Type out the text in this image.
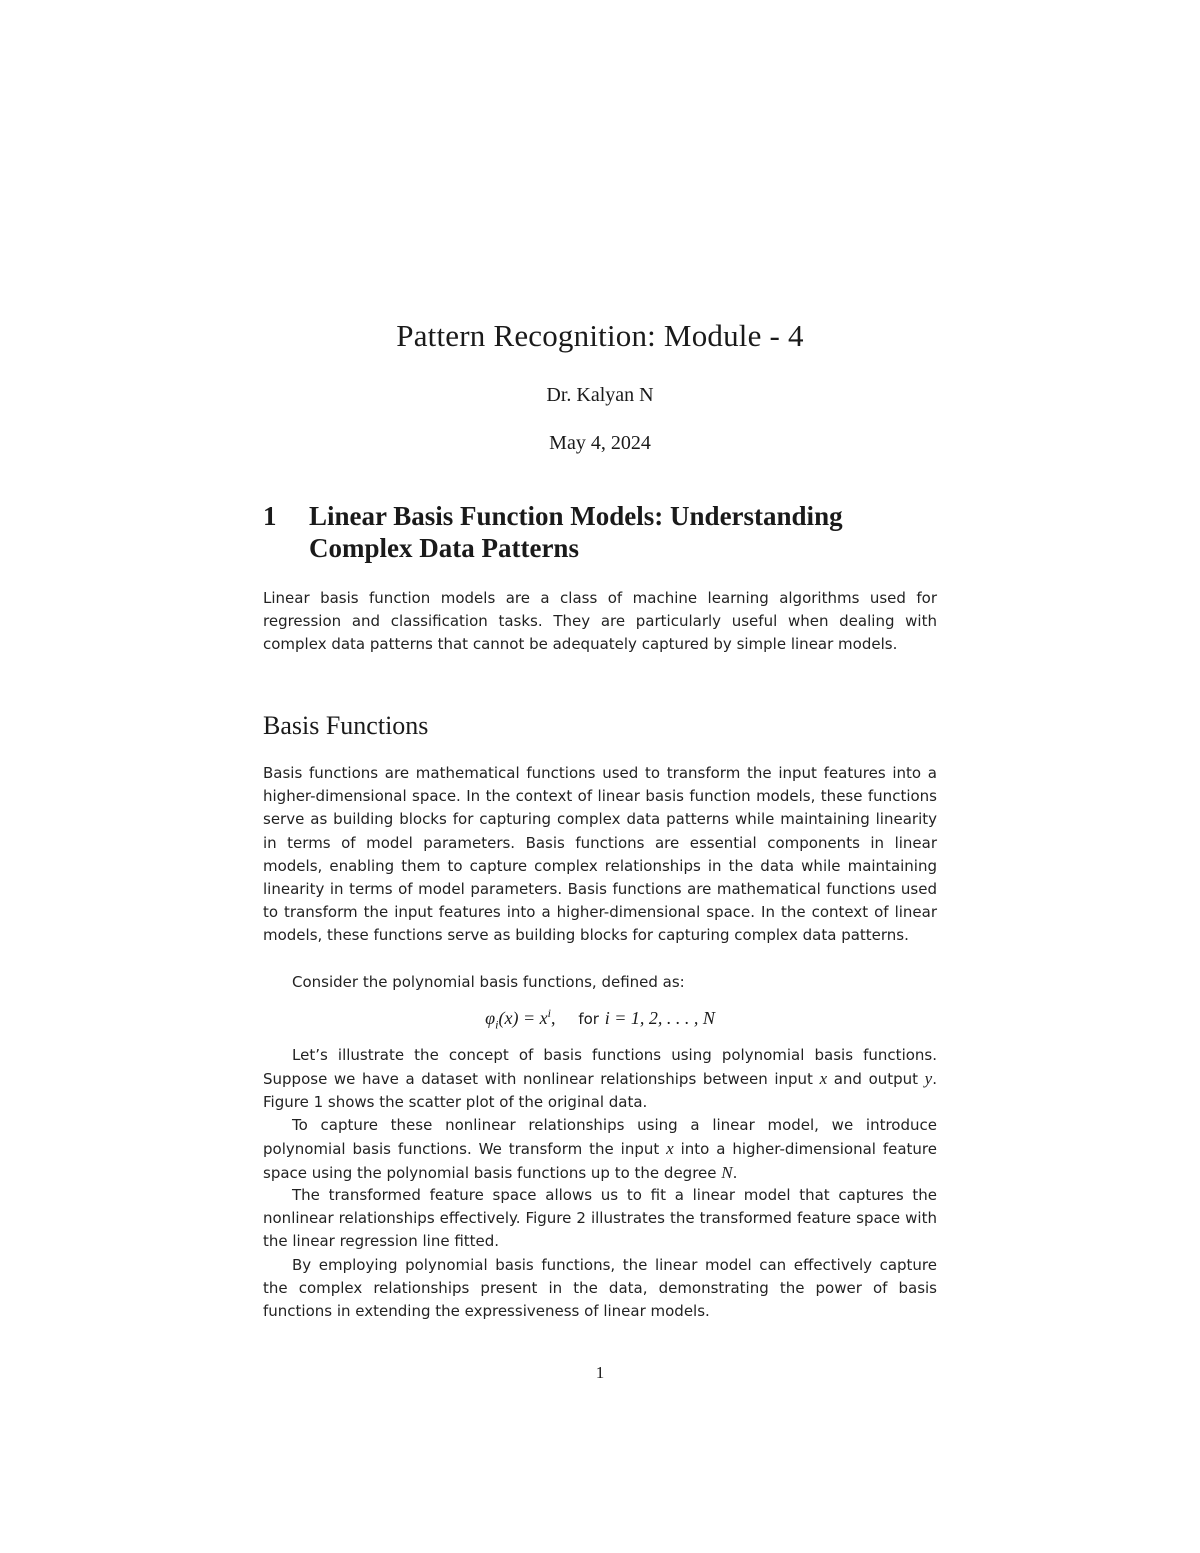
Pattern Recognition: Module - 4

Dr. Kalyan N

May 4, 2024

1 Linear Basis Function Models: Understanding Complex Data Patterns

Linear basis function models are a class of machine learning algorithms used for regression and classification tasks. They are particularly useful when dealing with complex data patterns that cannot be adequately captured by simple linear models.

Basis Functions

Basis functions are mathematical functions used to transform the input features into a higher-dimensional space. In the context of linear basis function models, these functions serve as building blocks for capturing complex data patterns while maintaining linearity in terms of model parameters. Basis functions are essential components in linear models, enabling them to capture complex relationships in the data while maintaining linearity in terms of model parameters. Basis functions are mathematical functions used to transform the input features into a higher-dimensional space. In the context of linear models, these functions serve as building blocks for capturing complex data patterns.

Consider the polynomial basis functions, defined as:

$\varphi_i(x) = x^i$, for i = 1, 2, . . . , N

Let’s illustrate the concept of basis functions using polynomial basis functions. Suppose we have a dataset with nonlinear relationships between input x and output y. Figure 1 shows the scatter plot of the original data.

To capture these nonlinear relationships using a linear model, we introduce polynomial basis functions. We transform the input x into a higher-dimensional feature space using the polynomial basis functions up to the degree N.

The transformed feature space allows us to fit a linear model that captures the nonlinear relationships effectively. Figure 2 illustrates the transformed feature space with the linear regression line fitted.

By employing polynomial basis functions, the linear model can effectively capture the complex relationships present in the data, demonstrating the power of basis functions in extending the expressiveness of linear models.

1
